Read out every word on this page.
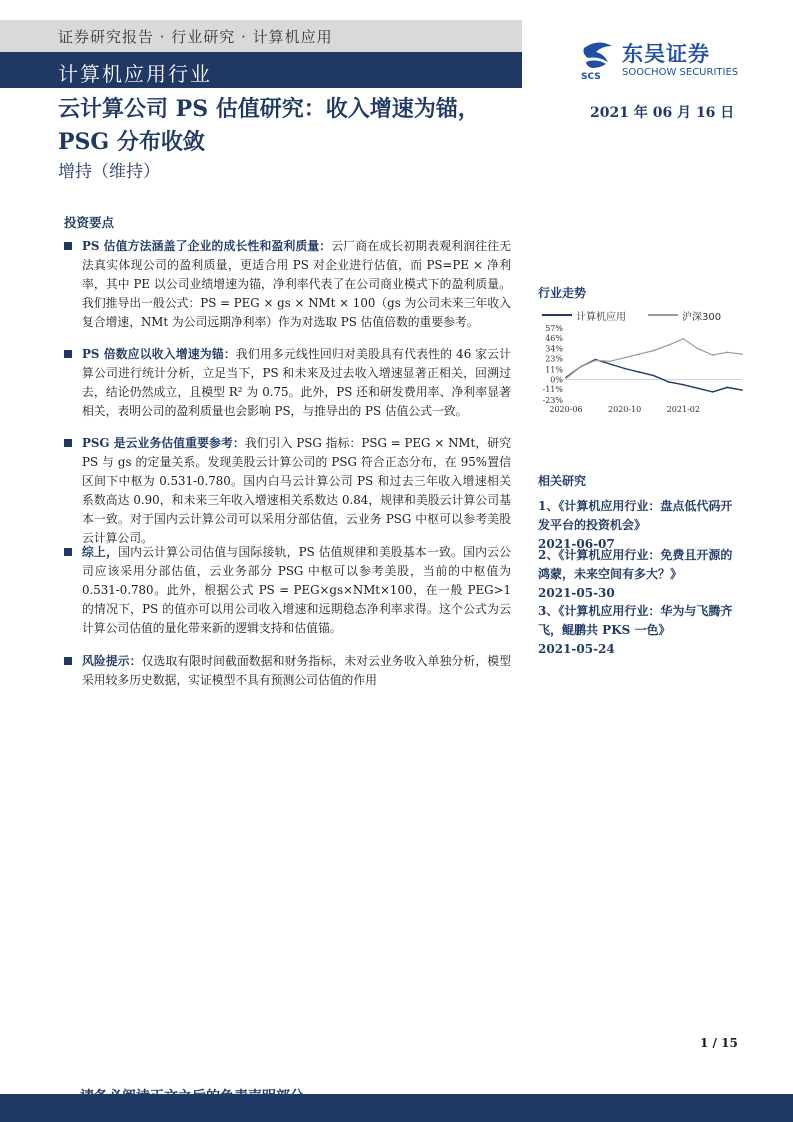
证券研究报告 · 行业研究 · 计算机应用
计算机应用行业	SCS
东吴证券
SOOCHOW SECURITIES
云计算公司 PS 估值研究：收入增速为锚，PSG 分布收敛
2021 年 06 月 16 日
增持（维持）
投资要点
PS 估值方法涵盖了企业的成长性和盈利质量：云厂商在成长初期表观利润往往无法真实体现公司的盈利质量，更适合用 PS 对企业进行估值，而 PS=PE × 净利率，其中 PE 以公司业绩增速为锚，净利率代表了在公司商业模式下的盈利质量。我们推导出一般公式：PS = PEG × gs × NMt × 100（gs 为公司未来三年收入复合增速，NMt 为公司远期净利率）作为对选取 PS 估值倍数的重要参考。
PS 倍数应以收入增速为锚：我们用多元线性回归对美股具有代表性的 46 家云计算公司进行统计分析，立足当下，PS 和未来及过去收入增速显著正相关，回溯过去，结论仍然成立，且模型 R² 为 0.75。此外，PS 还和研发费用率、净利率显著相关，表明公司的盈利质量也会影响 PS，与推导出的 PS 估值公式一致。
PSG 是云业务估值重要参考：我们引入 PSG 指标：PSG = PEG × NMt，研究 PS 与 gs 的定量关系。发现美股云计算公司的 PSG 符合正态分布，在 95%置信区间下中枢为 0.531-0.780。国内白马云计算公司 PS 和过去三年收入增速相关系数高达 0.90，和未来三年收入增速相关系数达 0.84，规律和美股云计算公司基本一致。对于国内云计算公司可以采用分部估值，云业务 PSG 中枢可以参考美股云计算公司。
综上，国内云计算公司估值与国际接轨，PS 估值规律和美股基本一致。国内云公司应该采用分部估值，云业务部分 PSG 中枢可以参考美股，当前的中枢值为 0.531-0.780。此外，根据公式 PS = PEG×gs×NMt×100，在一般 PEG>1 的情况下，PS 的值亦可以用公司收入增速和远期稳态净利率求得。这个公式为云计算公司估值的量化带来新的逻辑支持和估值锚。
风险提示：仅选取有限时间截面数据和财务指标，未对云业务收入单独分析，模型采用较多历史数据，实证模型不具有预测公司估值的作用
行业走势
计算机应用	沪深300
57%
46%
34%
23%
11%
0%
-11%
-23%
2020-06	2020-10	2021-02
相关研究
1、《计算机应用行业：盘点低代码开发平台的投资机会》
2021-06-07
2、《计算机应用行业：免费且开源的鸿蒙，未来空间有多大？》
2021-05-30
3、《计算机应用行业：华为与飞腾齐飞，鲲鹏共 PKS 一色》
2021-05-24
1 / 15
请务必阅读正文之后的免责声明部分
